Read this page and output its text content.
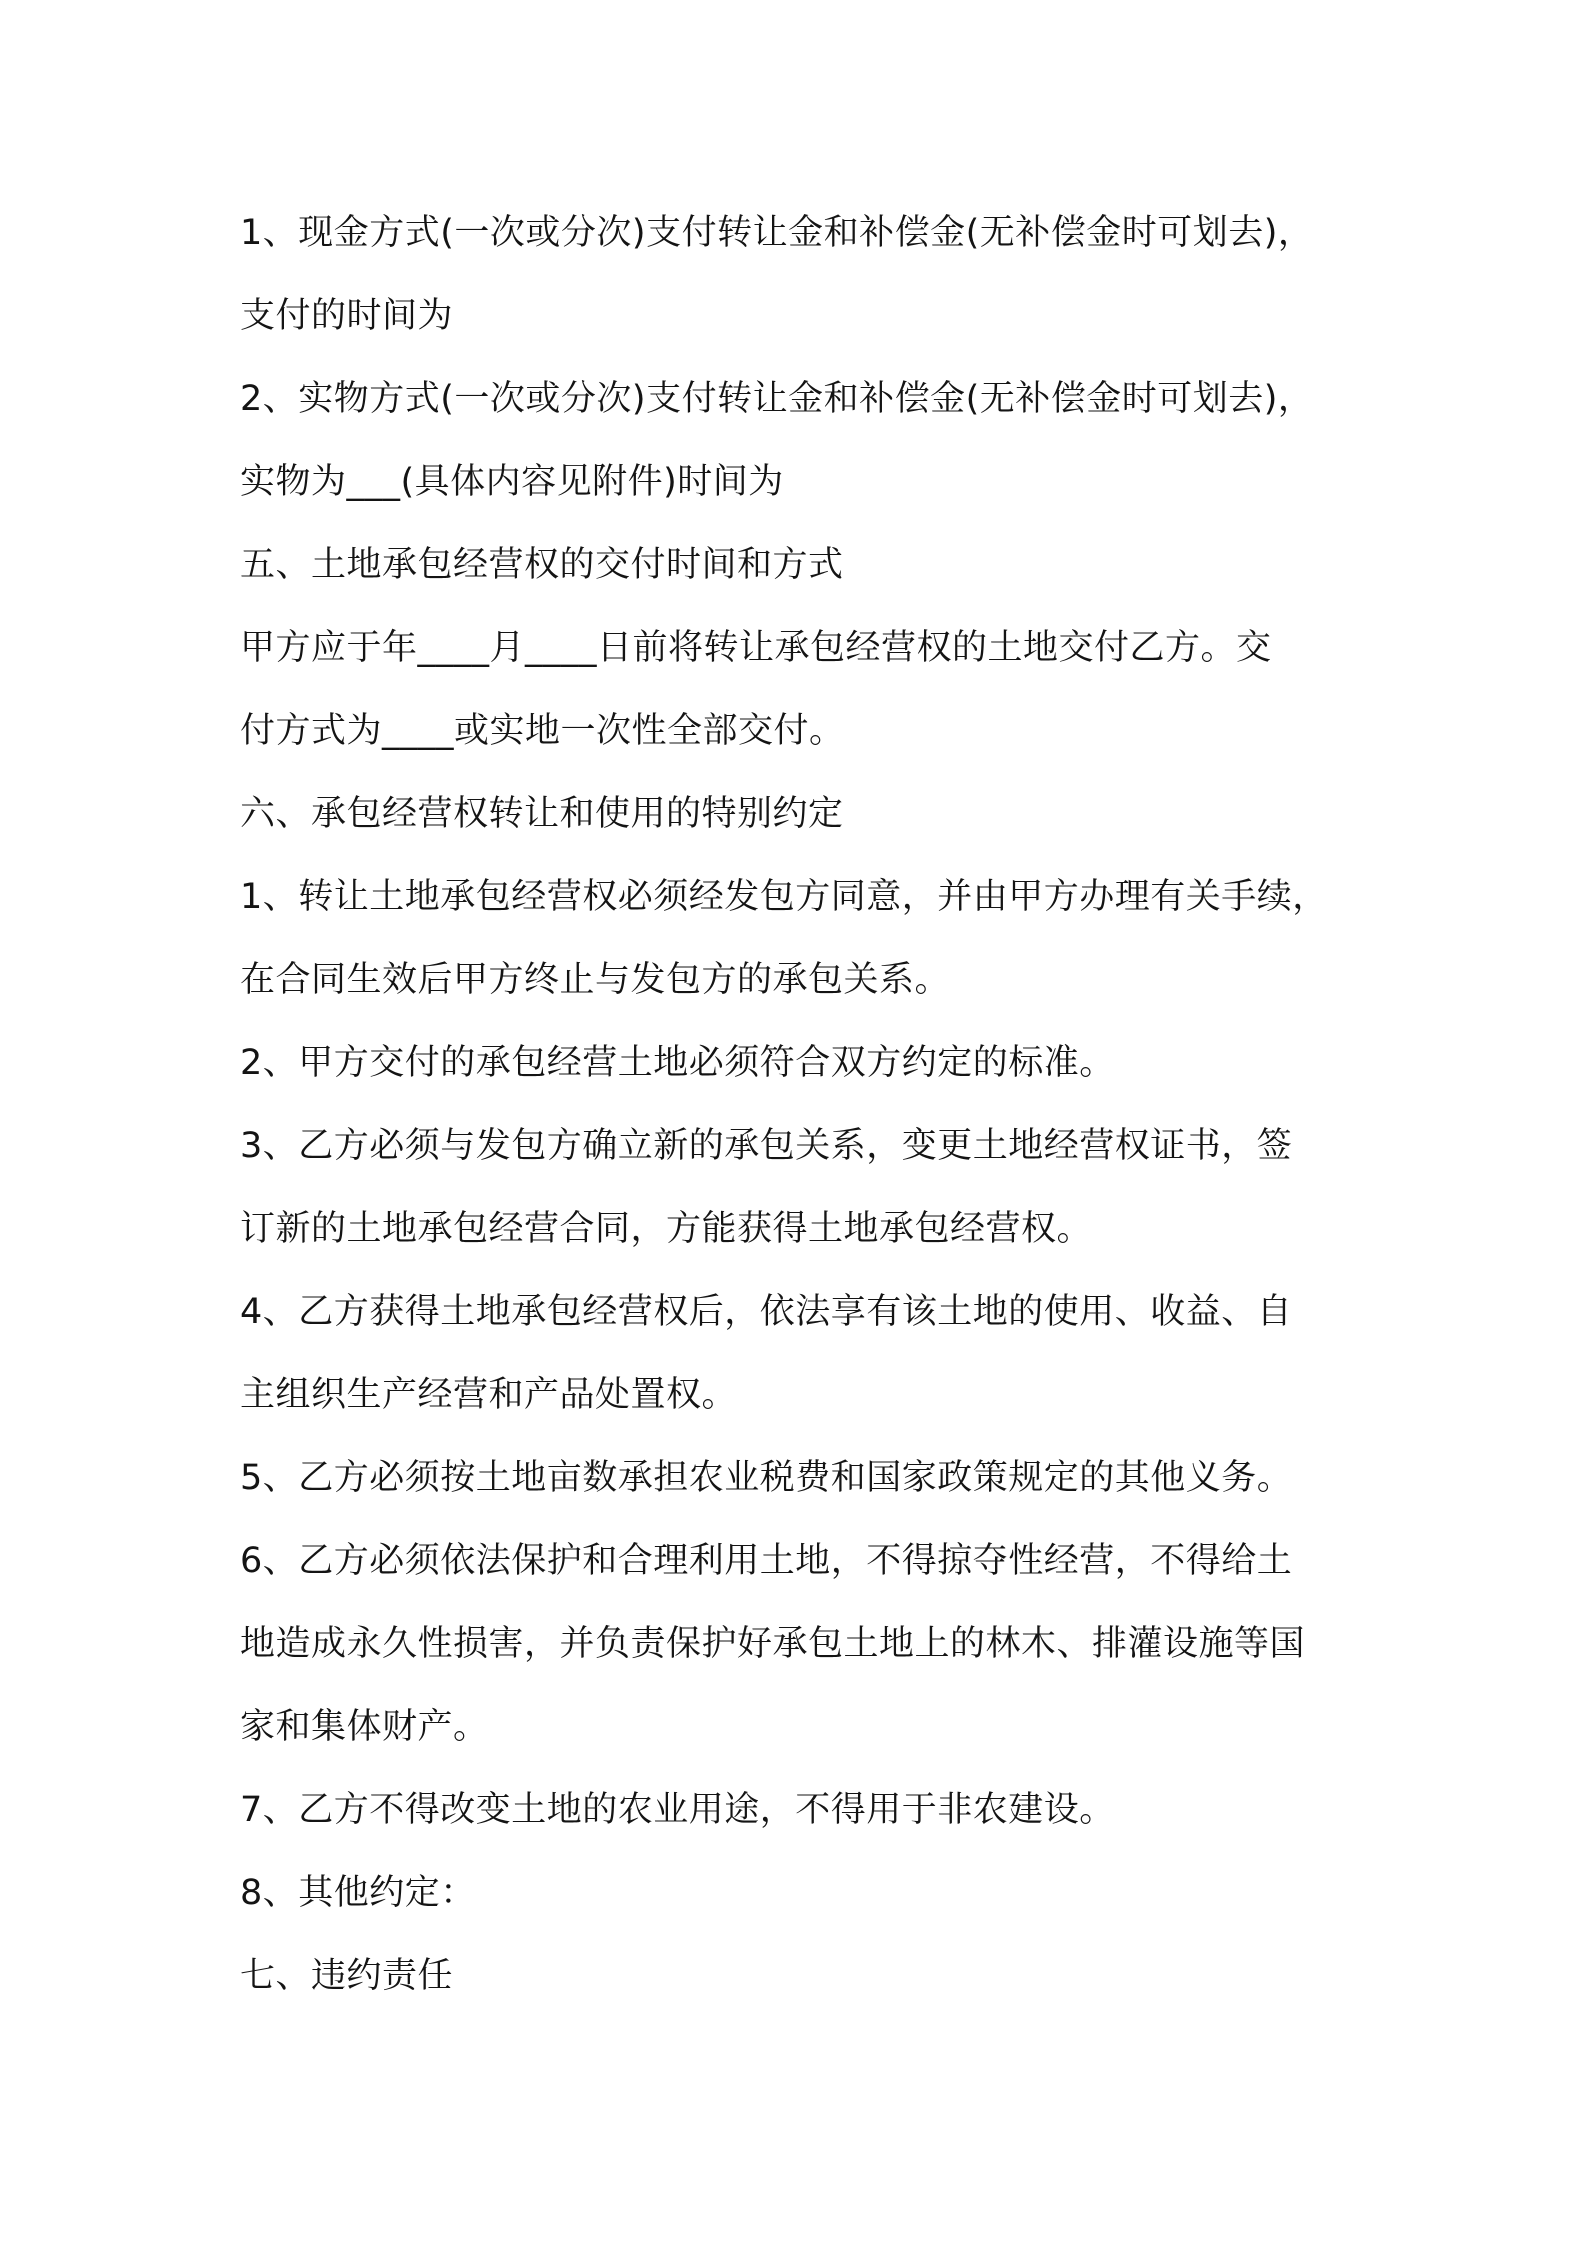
1、现金方式(一次或分次)支付转让金和补偿金(无补偿金时可划去)，
支付的时间为
2、实物方式(一次或分次)支付转让金和补偿金(无补偿金时可划去)，
实物为___(具体内容见附件)时间为
五、土地承包经营权的交付时间和方式
甲方应于年____月____日前将转让承包经营权的土地交付乙方。交
付方式为____或实地一次性全部交付。
六、承包经营权转让和使用的特别约定
1、转让土地承包经营权必须经发包方同意，并由甲方办理有关手续，
在合同生效后甲方终止与发包方的承包关系。
2、甲方交付的承包经营土地必须符合双方约定的标准。
3、乙方必须与发包方确立新的承包关系，变更土地经营权证书，签
订新的土地承包经营合同，方能获得土地承包经营权。
4、乙方获得土地承包经营权后，依法享有该土地的使用、收益、自
主组织生产经营和产品处置权。
5、乙方必须按土地亩数承担农业税费和国家政策规定的其他义务。
6、乙方必须依法保护和合理利用土地，不得掠夺性经营，不得给土
地造成永久性损害，并负责保护好承包土地上的林木、排灌设施等国
家和集体财产。
7、乙方不得改变土地的农业用途，不得用于非农建设。
8、其他约定：
七、违约责任
